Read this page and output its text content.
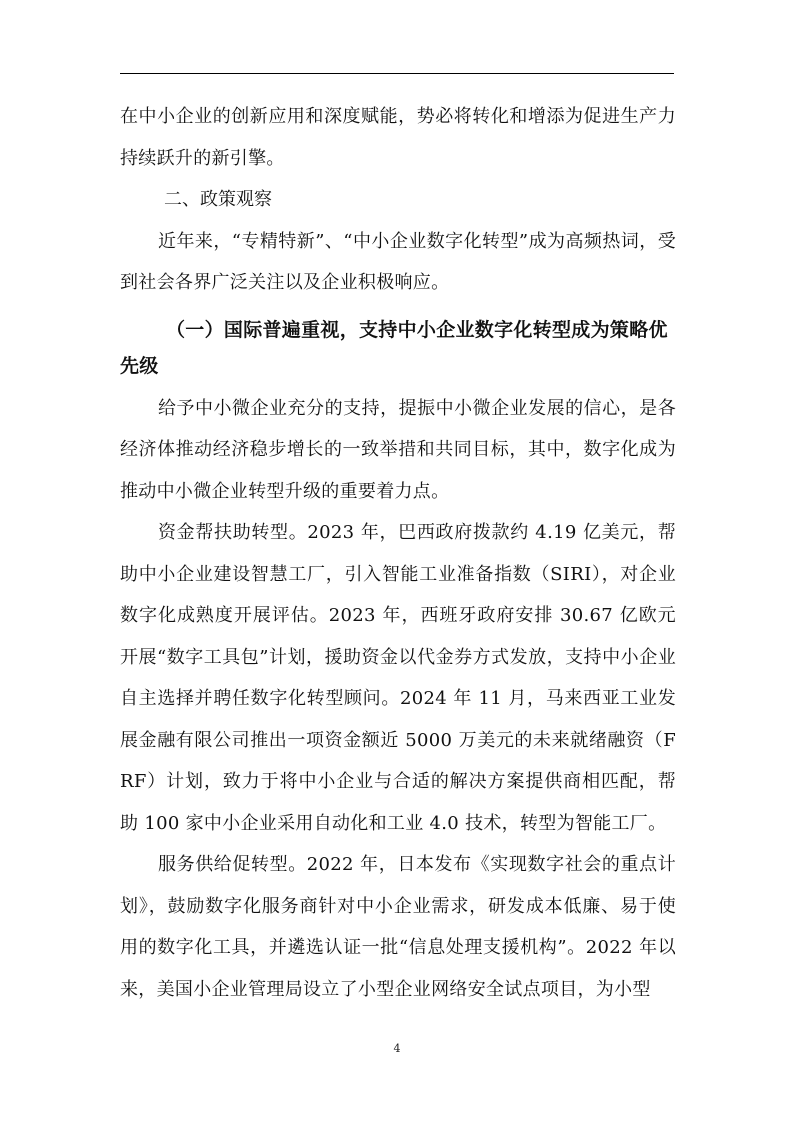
在中小企业的创新应用和深度赋能，势必将转化和增添为促进生产力持续跃升的新引擎。

二、政策观察

近年来，“专精特新”、“中小企业数字化转型”成为高频热词，受到社会各界广泛关注以及企业积极响应。

（一）国际普遍重视，支持中小企业数字化转型成为策略优先级

给予中小微企业充分的支持，提振中小微企业发展的信心，是各经济体推动经济稳步增长的一致举措和共同目标，其中，数字化成为推动中小微企业转型升级的重要着力点。

资金帮扶助转型。2023 年，巴西政府拨款约 4.19 亿美元，帮助中小企业建设智慧工厂，引入智能工业准备指数（SIRI），对企业数字化成熟度开展评估。2023 年，西班牙政府安排 30.67 亿欧元开展“数字工具包”计划，援助资金以代金券方式发放，支持中小企业自主选择并聘任数字化转型顾问。2024 年 11 月，马来西亚工业发展金融有限公司推出一项资金额近 5000 万美元的未来就绪融资（FRF）计划，致力于将中小企业与合适的解决方案提供商相匹配，帮助 100 家中小企业采用自动化和工业 4.0 技术，转型为智能工厂。

服务供给促转型。2022 年，日本发布《实现数字社会的重点计划》，鼓励数字化服务商针对中小企业需求，研发成本低廉、易于使用的数字化工具，并遴选认证一批“信息处理支援机构”。2022 年以来，美国小企业管理局设立了小型企业网络安全试点项目，为小型

4
